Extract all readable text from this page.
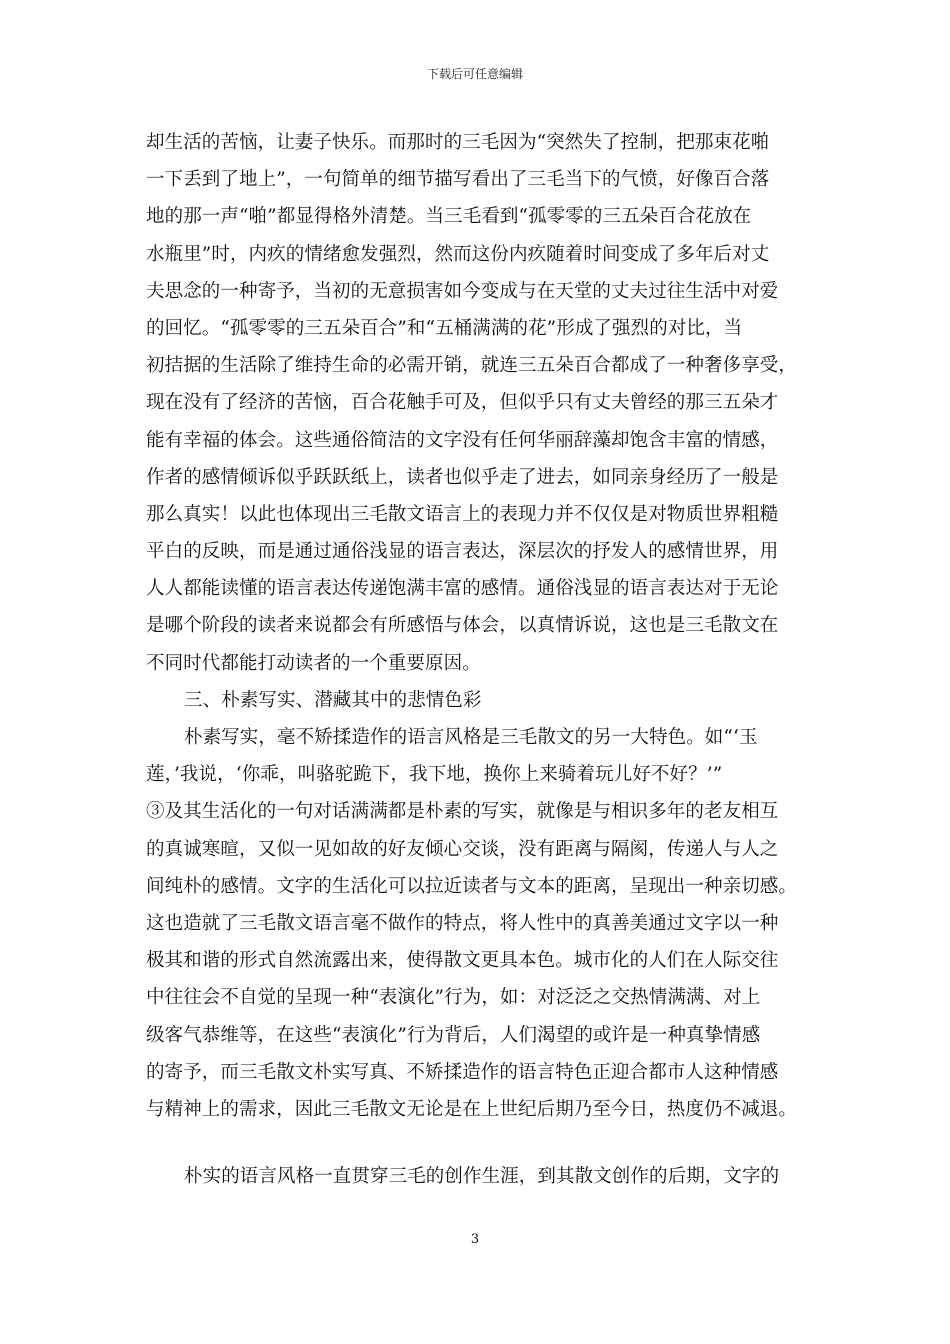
下载后可任意编辑
却生活的苦恼，让妻子快乐。而那时的三毛因为“突然失了控制，把那束花啪
一下丢到了地上”，一句简单的细节描写看出了三毛当下的气愤，好像百合落
地的那一声“啪”都显得格外清楚。当三毛看到“孤零零的三五朵百合花放在
水瓶里”时，内疚的情绪愈发强烈，然而这份内疚随着时间变成了多年后对丈
夫思念的一种寄予，当初的无意损害如今变成与在天堂的丈夫过往生活中对爱
的回忆。“孤零零的三五朵百合”和“五桶满满的花”形成了强烈的对比，当
初拮据的生活除了维持生命的必需开销，就连三五朵百合都成了一种奢侈享受，
现在没有了经济的苦恼，百合花触手可及，但似乎只有丈夫曾经的那三五朵才
能有幸福的体会。这些通俗简洁的文字没有任何华丽辞藻却饱含丰富的情感，
作者的感情倾诉似乎跃跃纸上，读者也似乎走了进去，如同亲身经历了一般是
那么真实！以此也体现出三毛散文语言上的表现力并不仅仅是对物质世界粗糙
平白的反映，而是通过通俗浅显的语言表达，深层次的抒发人的感情世界，用
人人都能读懂的语言表达传递饱满丰富的感情。通俗浅显的语言表达对于无论
是哪个阶段的读者来说都会有所感悟与体会，以真情诉说，这也是三毛散文在
不同时代都能打动读者的一个重要原因。
三、朴素写实、潜藏其中的悲情色彩
朴素写实，毫不矫揉造作的语言风格是三毛散文的另一大特色。如“‘玉
莲，’我说，‘你乖，叫骆驼跪下，我下地，换你上来骑着玩儿好不好？’”
③及其生活化的一句对话满满都是朴素的写实，就像是与相识多年的老友相互
的真诚寒暄，又似一见如故的好友倾心交谈，没有距离与隔阂，传递人与人之
间纯朴的感情。文字的生活化可以拉近读者与文本的距离，呈现出一种亲切感。
这也造就了三毛散文语言毫不做作的特点，将人性中的真善美通过文字以一种
极其和谐的形式自然流露出来，使得散文更具本色。城市化的人们在人际交往
中往往会不自觉的呈现一种“表演化”行为，如：对泛泛之交热情满满、对上
级客气恭维等，在这些“表演化”行为背后，人们渴望的或许是一种真挚情感
的寄予，而三毛散文朴实写真、不矫揉造作的语言特色正迎合都市人这种情感
与精神上的需求，因此三毛散文无论是在上世纪后期乃至今日，热度仍不减退。
朴实的语言风格一直贯穿三毛的创作生涯，到其散文创作的后期，文字的
3
